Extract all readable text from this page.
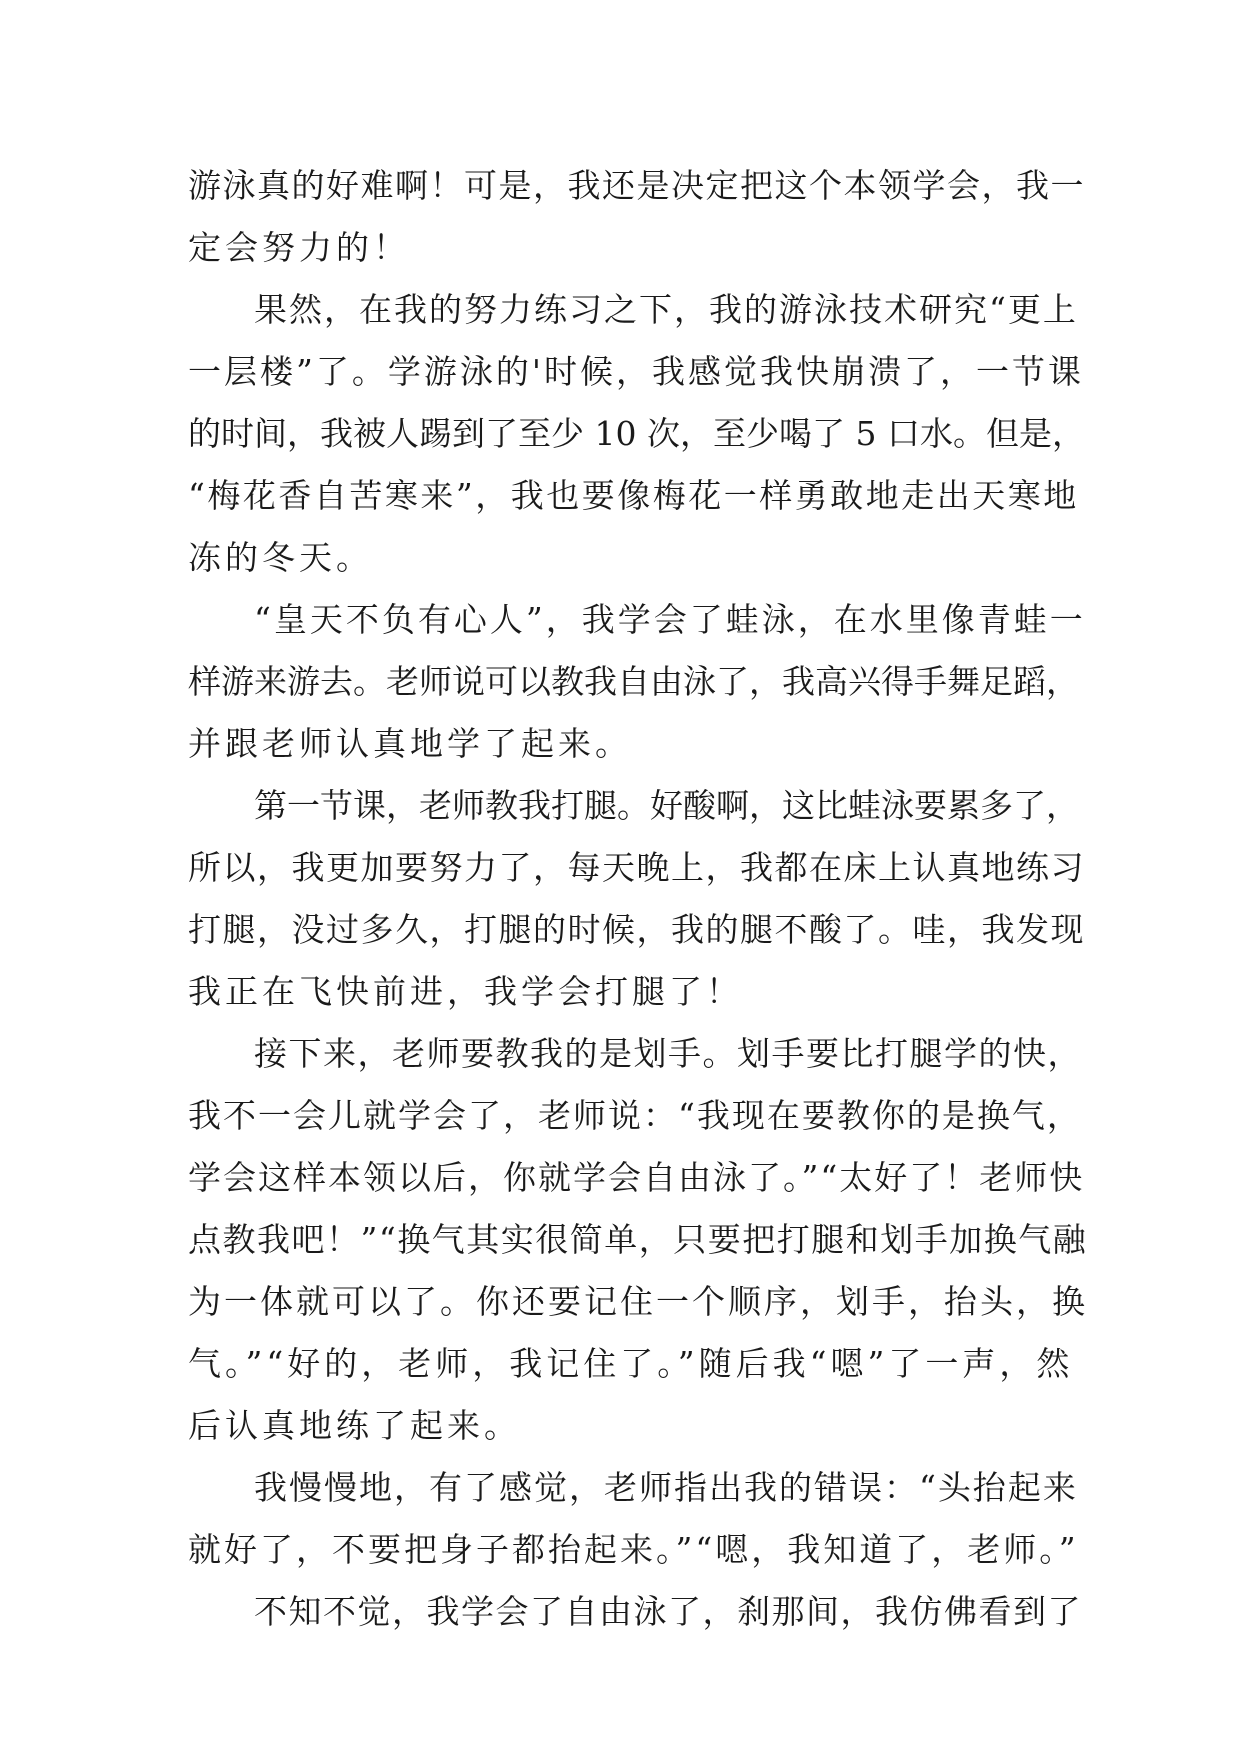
游泳真的好难啊！可是，我还是决定把这个本领学会，我一
定会努力的！
果然，在我的努力练习之下，我的游泳技术研究“更上
一层楼”了。学游泳的'时候，我感觉我快崩溃了，一节课
的时间，我被人踢到了至少 10 次，至少喝了 5 口水。但是，
“梅花香自苦寒来”，我也要像梅花一样勇敢地走出天寒地
冻的冬天。
“皇天不负有心人”，我学会了蛙泳，在水里像青蛙一
样游来游去。老师说可以教我自由泳了，我高兴得手舞足蹈，
并跟老师认真地学了起来。
第一节课，老师教我打腿。好酸啊，这比蛙泳要累多了，
所以，我更加要努力了，每天晚上，我都在床上认真地练习
打腿，没过多久，打腿的时候，我的腿不酸了。哇，我发现
我正在飞快前进，我学会打腿了！
接下来，老师要教我的是划手。划手要比打腿学的快，
我不一会儿就学会了，老师说：“我现在要教你的是换气，
学会这样本领以后，你就学会自由泳了。”“太好了！老师快
点教我吧！”“换气其实很简单，只要把打腿和划手加换气融
为一体就可以了。你还要记住一个顺序，划手，抬头，换
气。”“好的，老师，我记住了。”随后我“嗯”了一声，然
后认真地练了起来。
我慢慢地，有了感觉，老师指出我的错误：“头抬起来
就好了，不要把身子都抬起来。”“嗯，我知道了，老师。”
不知不觉，我学会了自由泳了，刹那间，我仿佛看到了
